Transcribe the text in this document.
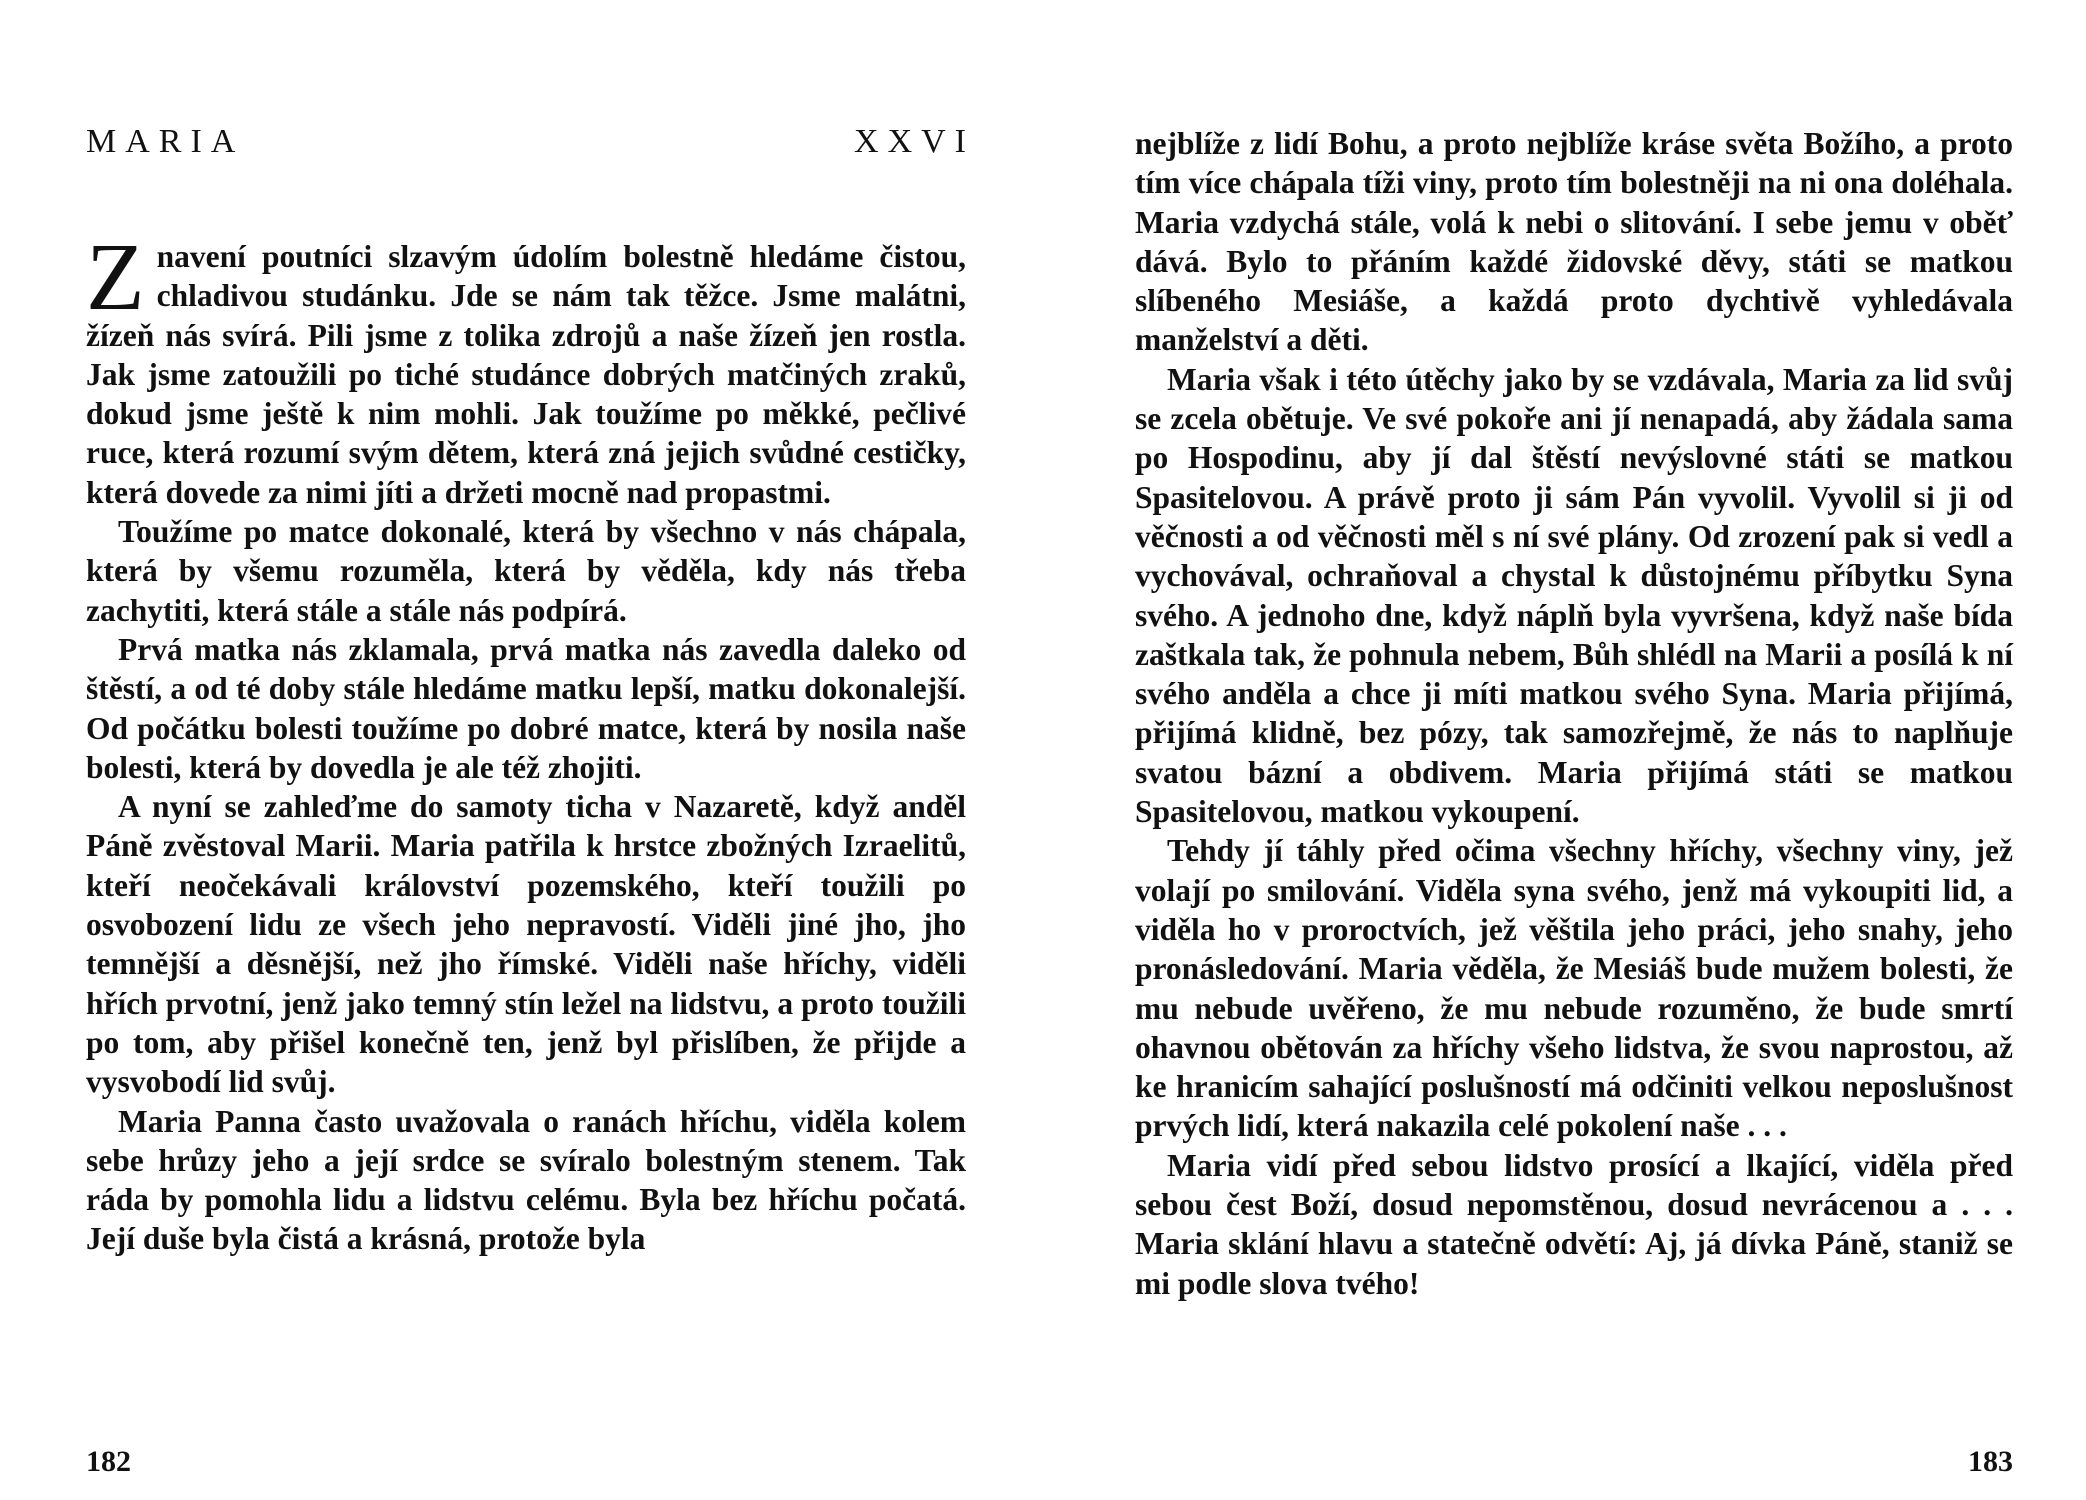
MARIA	XXVI

Znavení poutníci slzavým údolím bolestně hledáme čistou, chladivou studánku. Jde se nám tak těžce. Jsme malátni, žízeň nás svírá. Pili jsme z tolika zdrojů a naše žízeň jen rostla. Jak jsme zatoužili po tiché studánce dobrých matčiných zraků, dokud jsme ještě k nim mohli. Jak toužíme po měkké, pečlivé ruce, která rozumí svým dětem, která zná jejich svůdné cestičky, která dovede za nimi jíti a držeti mocně nad propastmi.

Toužíme po matce dokonalé, která by všechno v nás chápala, která by všemu rozuměla, která by věděla, kdy nás třeba zachytiti, která stále a stále nás podpírá.

Prvá matka nás zklamala, prvá matka nás zavedla daleko od štěstí, a od té doby stále hledáme matku lepší, matku dokonalejší. Od počátku bolesti toužíme po dobré matce, která by nosila naše bolesti, která by dovedla je ale též zhojiti.

A nyní se zahleďme do samoty ticha v Nazaretě, když anděl Páně zvěstoval Marii. Maria patřila k hrstce zbožných Izraelitů, kteří neočekávali království pozemského, kteří toužili po osvobození lidu ze všech jeho nepravostí. Viděli jiné jho, jho temnější a děsnější, než jho římské. Viděli naše hříchy, viděli hřích prvotní, jenž jako temný stín ležel na lidstvu, a proto toužili po tom, aby přišel konečně ten, jenž byl přislíben, že přijde a vysvobodí lid svůj.

Maria Panna často uvažovala o ranách hříchu, viděla kolem sebe hrůzy jeho a její srdce se svíralo bolestným stenem. Tak ráda by pomohla lidu a lidstvu celému. Byla bez hříchu počatá. Její duše byla čistá a krásná, protože byla

182

nejblíže z lidí Bohu, a proto nejblíže kráse světa Božího, a proto tím více chápala tíži viny, proto tím bolestněji na ni ona doléhala. Maria vzdychá stále, volá k nebi o slitování. I sebe jemu v oběť dává. Bylo to přáním každé židovské děvy, státi se matkou slíbeného Mesiáše, a každá proto dychtivě vyhledávala manželství a děti.

Maria však i této útěchy jako by se vzdávala, Maria za lid svůj se zcela obětuje. Ve své pokoře ani jí nenapadá, aby žádala sama po Hospodinu, aby jí dal štěstí nevýslovné státi se matkou Spasitelovou. A právě proto ji sám Pán vyvolil. Vyvolil si ji od věčnosti a od věčnosti měl s ní své plány. Od zrození pak si vedl a vychovával, ochraňoval a chystal k důstojnému příbytku Syna svého. A jednoho dne, když náplň byla vyvršena, když naše bída zaštkala tak, že pohnula nebem, Bůh shlédl na Marii a posílá k ní svého anděla a chce ji míti matkou svého Syna. Maria přijímá, přijímá klidně, bez pózy, tak samozřejmě, že nás to naplňuje svatou bázní a obdivem. Maria přijímá státi se matkou Spasitelovou, matkou vykoupení.

Tehdy jí táhly před očima všechny hříchy, všechny viny, jež volají po smilování. Viděla syna svého, jenž má vykoupiti lid, a viděla ho v proroctvích, jež věštila jeho práci, jeho snahy, jeho pronásledování. Maria věděla, že Mesiáš bude mužem bolesti, že mu nebude uvěřeno, že mu nebude rozuměno, že bude smrtí ohavnou obětován za hříchy všeho lidstva, že svou naprostou, až ke hranicím sahající poslušností má odčiniti velkou neposlušnost prvých lidí, která nakazila celé pokolení naše . . .

Maria vidí před sebou lidstvo prosící a lkající, viděla před sebou čest Boží, dosud nepomstěnou, dosud nevrácenou a . . . Maria sklání hlavu a statečně odvětí: Aj, já dívka Páně, staniž se mi podle slova tvého!

183
